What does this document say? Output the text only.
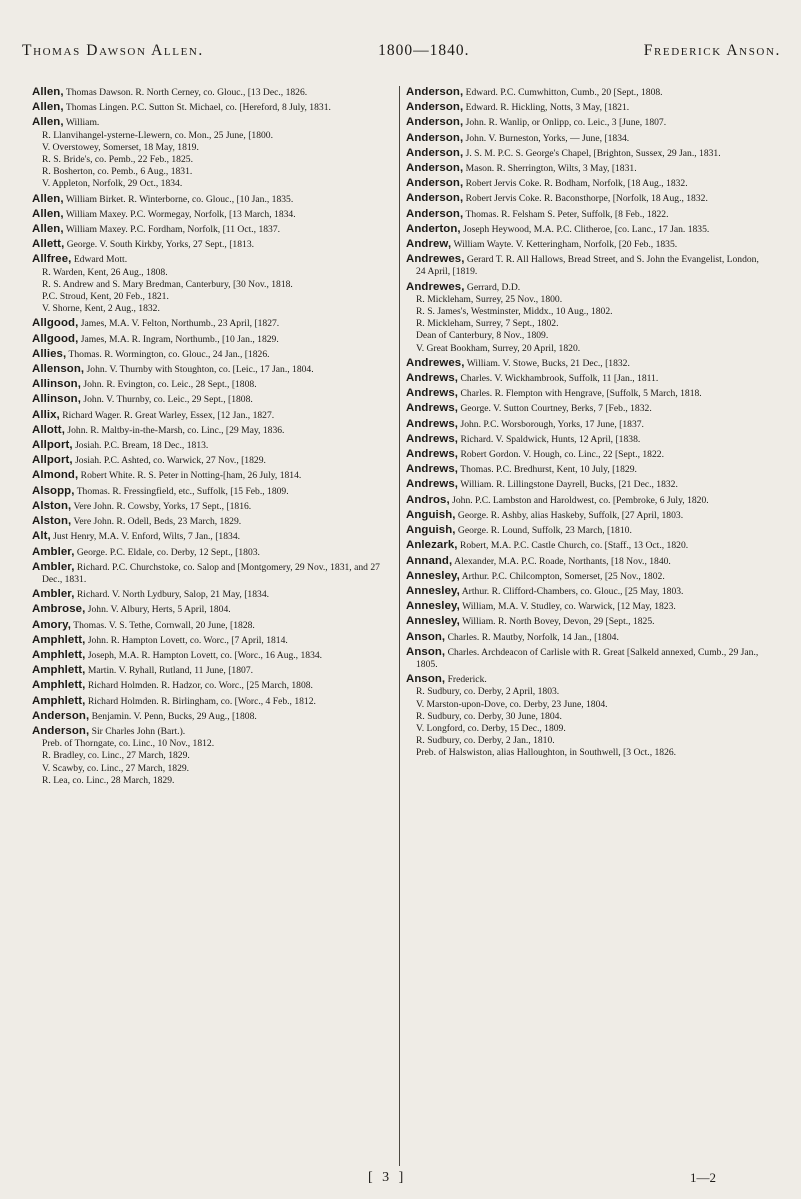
Thomas Dawson Allen.	1800—1840.	Frederick Anson.
Allen, Thomas Dawson. R. North Cerney, co. Glouc., [13 Dec., 1826.
Allen, Thomas Lingen. P.C. Sutton St. Michael, co. [Hereford, 8 July, 1831.
Allen, William.
R. Llanvihangel-ysterne-Llewern, co. Mon., 25 June, [1800.
V. Overstowey, Somerset, 18 May, 1819.
R. S. Bride's, co. Pemb., 22 Feb., 1825.
R. Bosherton, co. Pemb., 6 Aug., 1831.
V. Appleton, Norfolk, 29 Oct., 1834.
Allen, William Birket. R. Winterborne, co. Glouc., [10 Jan., 1835.
Allen, William Maxey. P.C. Wormegay, Norfolk, [13 March, 1834.
Allen, William Maxey. P.C. Fordham, Norfolk, [11 Oct., 1837.
Allett, George. V. South Kirkby, Yorks, 27 Sept., [1813.
Allfree, Edward Mott.
R. Warden, Kent, 26 Aug., 1808.
R. S. Andrew and S. Mary Bredman, Canterbury, [30 Nov., 1818.
P.C. Stroud, Kent, 20 Feb., 1821.
V. Shorne, Kent, 2 Aug., 1832.
Allgood, James, M.A. V. Felton, Northumb., 23 April, [1827.
Allgood, James, M.A. R. Ingram, Northumb., [10 Jan., 1829.
Allies, Thomas. R. Wormington, co. Glouc., 24 Jan., [1826.
Allenson, John. V. Thurnby with Stoughton, co. [Leic., 17 Jan., 1804.
Allinson, John. R. Evington, co. Leic., 28 Sept., [1808.
Allinson, John. V. Thurnby, co. Leic., 29 Sept., [1808.
Allix, Richard Wager. R. Great Warley, Essex, [12 Jan., 1827.
Allott, John. R. Maltby-in-the-Marsh, co. Linc., [29 May, 1836.
Allport, Josiah. P.C. Bream, 18 Dec., 1813.
Allport, Josiah. P.C. Ashted, co. Warwick, 27 Nov., [1829.
Almond, Robert White. R. S. Peter in Notting-[ham, 26 July, 1814.
Alsopp, Thomas. R. Fressingfield, etc., Suffolk, [15 Feb., 1809.
Alston, Vere John. R. Cowsby, Yorks, 17 Sept., [1816.
Alston, Vere John. R. Odell, Beds, 23 March, 1829.
Alt, Just Henry, M.A. V. Enford, Wilts, 7 Jan., [1834.
Ambler, George. P.C. Eldale, co. Derby, 12 Sept., [1803.
Ambler, Richard. P.C. Churchstoke, co. Salop and [Montgomery, 29 Nov., 1831, and 27 Dec., 1831.
Ambler, Richard. V. North Lydbury, Salop, 21 May, [1834.
Ambrose, John. V. Albury, Herts, 5 April, 1804.
Amory, Thomas. V. S. Tethe, Cornwall, 20 June, [1828.
Amphlett, John. R. Hampton Lovett, co. Worc., [7 April, 1814.
Amphlett, Joseph, M.A. R. Hampton Lovett, co. [Worc., 16 Aug., 1834.
Amphlett, Martin. V. Ryhall, Rutland, 11 June, [1807.
Amphlett, Richard Holmden. R. Hadzor, co. Worc., [25 March, 1808.
Amphlett, Richard Holmden. R. Birlingham, co. [Worc., 4 Feb., 1812.
Anderson, Benjamin. V. Penn, Bucks, 29 Aug., [1808.
Anderson, Sir Charles John (Bart.).
Preb. of Thorngate, co. Linc., 10 Nov., 1812.
R. Bradley, co. Linc., 27 March, 1829.
V. Scawby, co. Linc., 27 March, 1829.
R. Lea, co. Linc., 28 March, 1829.
Anderson, Edward. P.C. Cumwhitton, Cumb., 20 [Sept., 1808.
Anderson, Edward. R. Hickling, Notts, 3 May, [1821.
Anderson, John. R. Wanlip, or Onlipp, co. Leic., 3 [June, 1807.
Anderson, John. V. Burneston, Yorks, — June, [1834.
Anderson, J. S. M. P.C. S. George's Chapel, [Brighton, Sussex, 29 Jan., 1831.
Anderson, Mason. R. Sherrington, Wilts, 3 May, [1831.
Anderson, Robert Jervis Coke. R. Bodham, Norfolk, [18 Aug., 1832.
Anderson, Robert Jervis Coke. R. Baconsthorpe, [Norfolk, 18 Aug., 1832.
Anderson, Thomas. R. Felsham S. Peter, Suffolk, [8 Feb., 1822.
Anderton, Joseph Heywood, M.A. P.C. Clitheroe, [co. Lanc., 17 Jan. 1835.
Andrew, William Wayte. V. Ketteringham, Norfolk, [20 Feb., 1835.
Andrewes, Gerard T. R. All Hallows, Bread Street, and S. John the Evangelist, London, 24 April, [1819.
Andrewes, Gerrard, D.D.
R. Mickleham, Surrey, 25 Nov., 1800.
R. S. James's, Westminster, Middx., 10 Aug., 1802.
R. Mickleham, Surrey, 7 Sept., 1802.
Dean of Canterbury, 8 Nov., 1809.
V. Great Bookham, Surrey, 20 April, 1820.
Andrewes, William. V. Stowe, Bucks, 21 Dec., [1832.
Andrews, Charles. V. Wickhambrook, Suffolk, 11 [Jan., 1811.
Andrews, Charles. R. Flempton with Hengrave, [Suffolk, 5 March, 1818.
Andrews, George. V. Sutton Courtney, Berks, 7 [Feb., 1832.
Andrews, John. P.C. Worsborough, Yorks, 17 June, [1837.
Andrews, Richard. V. Spaldwick, Hunts, 12 April, [1838.
Andrews, Robert Gordon. V. Hough, co. Linc., 22 [Sept., 1822.
Andrews, Thomas. P.C. Bredhurst, Kent, 10 July, [1829.
Andrews, William. R. Lillingstone Dayrell, Bucks, [21 Dec., 1832.
Andros, John. P.C. Lambston and Haroldwest, co. [Pembroke, 6 July, 1820.
Anguish, George. R. Ashby, alias Haskeby, Suffolk, [27 April, 1803.
Anguish, George. R. Lound, Suffolk, 23 March, [1810.
Anlezark, Robert, M.A. P.C. Castle Church, co. [Staff., 13 Oct., 1820.
Annand, Alexander, M.A. P.C. Roade, Northants, [18 Nov., 1840.
Annesley, Arthur. P.C. Chilcompton, Somerset, [25 Nov., 1802.
Annesley, Arthur. R. Clifford-Chambers, co. Glouc., [25 May, 1803.
Annesley, William, M.A. V. Studley, co. Warwick, [12 May, 1823.
Annesley, William. R. North Bovey, Devon, 29 [Sept., 1825.
Anson, Charles. R. Mautby, Norfolk, 14 Jan., [1804.
Anson, Charles. Archdeacon of Carlisle with R. Great [Salkeld annexed, Cumb., 29 Jan., 1805.
Anson, Frederick.
R. Sudbury, co. Derby, 2 April, 1803.
V. Marston-upon-Dove, co. Derby, 23 June, 1804.
R. Sudbury, co. Derby, 30 June, 1804.
V. Longford, co. Derby, 15 Dec., 1809.
R. Sudbury, co. Derby, 2 Jan., 1810.
Preb. of Halswiston, alias Halloughton, in Southwell, [3 Oct., 1826.
[ 3 ]	1—2
